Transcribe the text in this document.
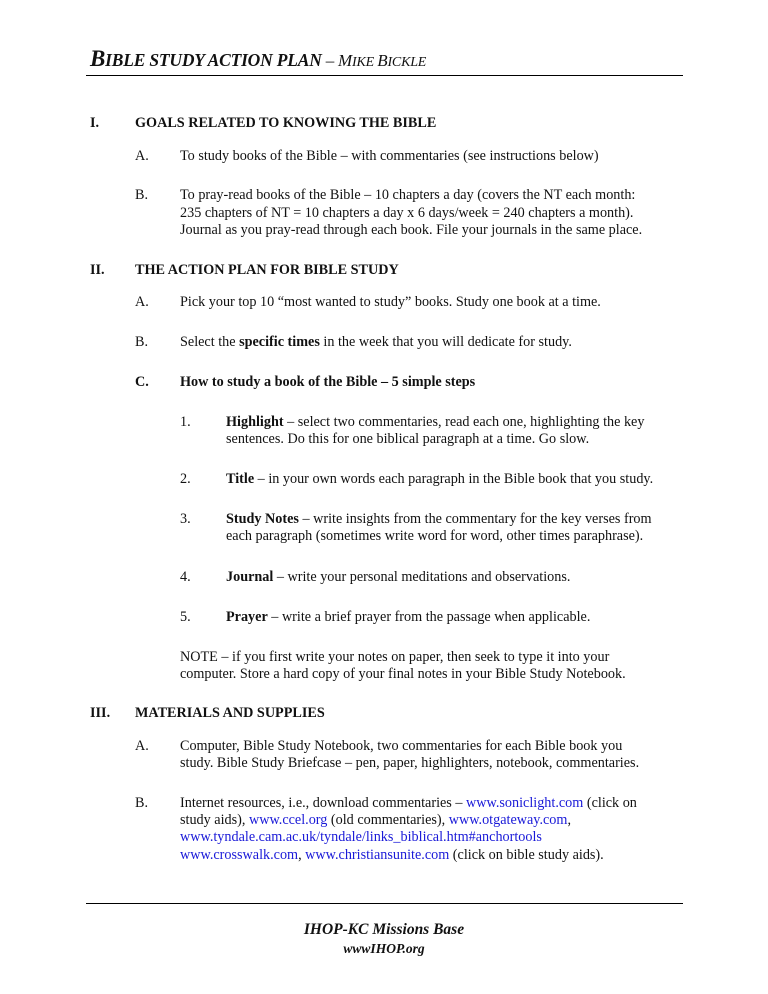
BIBLE STUDY ACTION PLAN – MIKE BICKLE
I.	GOALS RELATED TO KNOWING THE BIBLE
A. To study books of the Bible – with commentaries (see instructions below)
B. To pray-read books of the Bible – 10 chapters a day (covers the NT each month:
235 chapters of NT = 10 chapters a day x 6 days/week = 240 chapters a month).
Journal as you pray-read through each book. File your journals in the same place.
II. THE ACTION PLAN FOR BIBLE STUDY
A. Pick your top 10 “most wanted to study” books. Study one book at a time.
B. Select the specific times in the week that you will dedicate for study.
C. How to study a book of the Bible – 5 simple steps
1. Highlight – select two commentaries, read each one, highlighting the key
sentences. Do this for one biblical paragraph at a time. Go slow.
2. Title – in your own words each paragraph in the Bible book that you study.
3. Study Notes – write insights from the commentary for the key verses from
each paragraph (sometimes write word for word, other times paraphrase).
4. Journal – write your personal meditations and observations.
5. Prayer – write a brief prayer from the passage when applicable.
NOTE – if you first write your notes on paper, then seek to type it into your
computer. Store a hard copy of your final notes in your Bible Study Notebook.
III. MATERIALS AND SUPPLIES
A. Computer, Bible Study Notebook, two commentaries for each Bible book you
study. Bible Study Briefcase – pen, paper, highlighters, notebook, commentaries.
B. Internet resources, i.e., download commentaries – www.soniclight.com (click on
study aids), www.ccel.org (old commentaries), www.otgateway.com,
www.tyndale.cam.ac.uk/tyndale/links_biblical.htm#anchortools
www.crosswalk.com, www.christiansunite.com (click on bible study aids).
IHOP-KC Missions Base
wwwIHOP.org
